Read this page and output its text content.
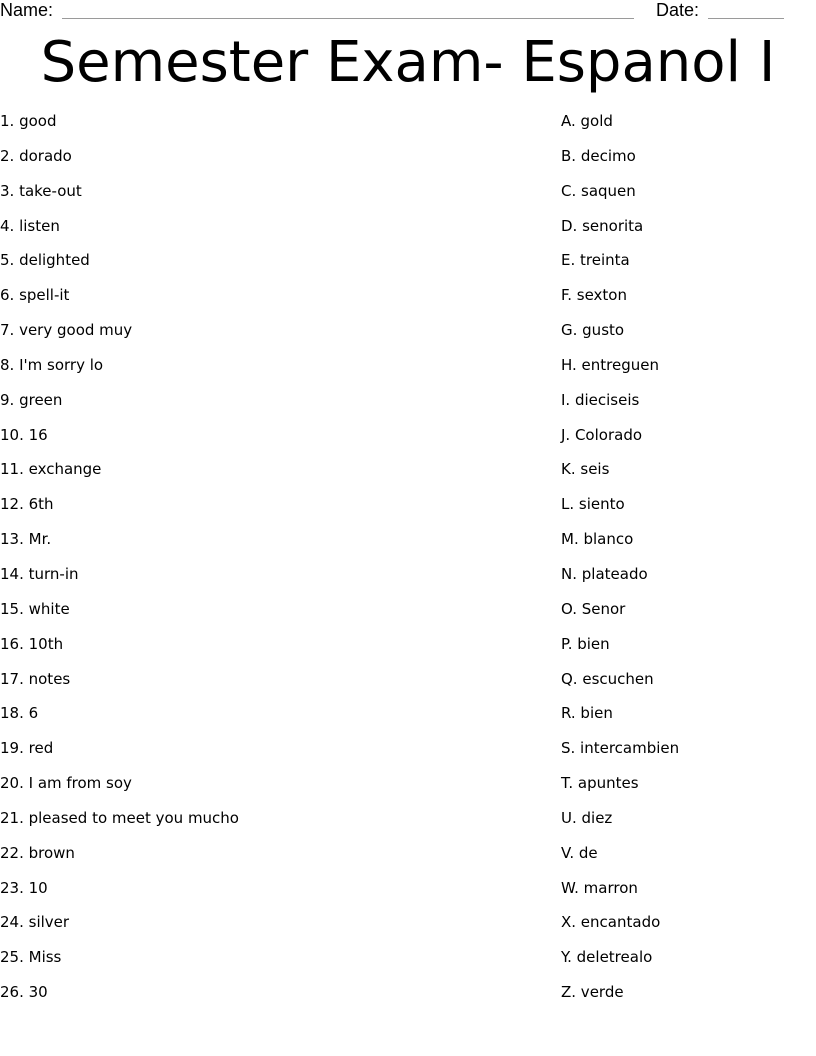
Name:	Date:
Semester Exam- Espanol I
1. good
2. dorado
3. take-out
4. listen
5. delighted
6. spell-it
7. very good muy
8. I'm sorry lo
9. green
10. 16
11. exchange
12. 6th
13. Mr.
14. turn-in
15. white
16. 10th
17. notes
18. 6
19. red
20. I am from soy
21. pleased to meet you mucho
22. brown
23. 10
24. silver
25. Miss
26. 30
A. gold
B. decimo
C. saquen
D. senorita
E. treinta
F. sexton
G. gusto
H. entreguen
I. dieciseis
J. Colorado
K. seis
L. siento
M. blanco
N. plateado
O. Senor
P. bien
Q. escuchen
R. bien
S. intercambien
T. apuntes
U. diez
V. de
W. marron
X. encantado
Y. deletrealo
Z. verde
